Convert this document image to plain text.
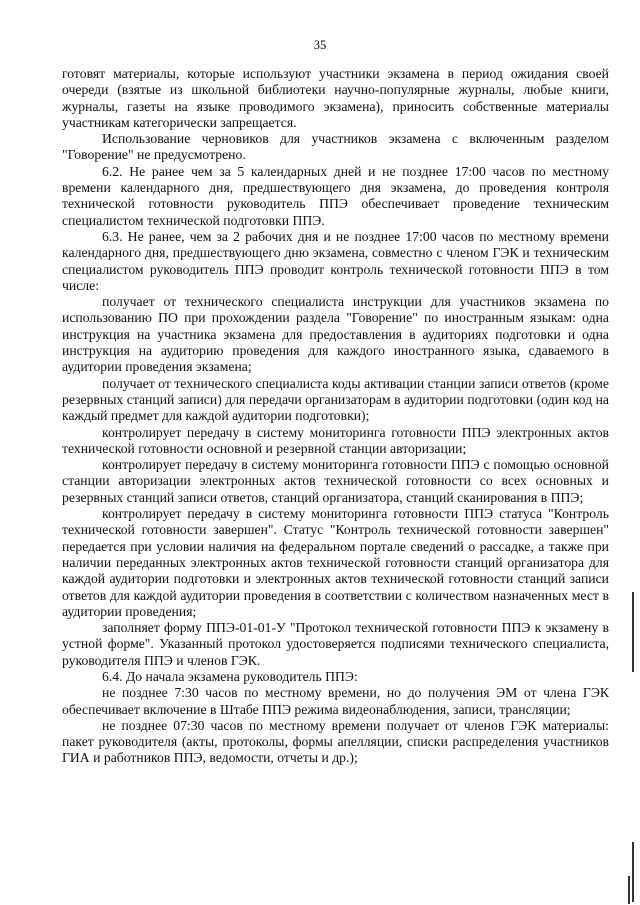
35

готовят материалы, которые используют участники экзамена в период ожидания своей очереди (взятые из школьной библиотеки научно-популярные журналы, любые книги, журналы, газеты на языке проводимого экзамена), приносить собственные материалы участникам категорически запрещается.

Использование черновиков для участников экзамена с включенным разделом "Говорение" не предусмотрено.

6.2. Не ранее чем за 5 календарных дней и не позднее 17:00 часов по местному времени календарного дня, предшествующего дня экзамена, до проведения контроля технической готовности руководитель ППЭ обеспечивает проведение техническим специалистом технической подготовки ППЭ.

6.3. Не ранее, чем за 2 рабочих дня и не позднее 17:00 часов по местному времени календарного дня, предшествующего дню экзамена, совместно с членом ГЭК и техническим специалистом руководитель ППЭ проводит контроль технической готовности ППЭ в том числе:

получает от технического специалиста инструкции для участников экзамена по использованию ПО при прохождении раздела "Говорение" по иностранным языкам: одна инструкция на участника экзамена для предоставления в аудиториях подготовки и одна инструкция на аудиторию проведения для каждого иностранного языка, сдаваемого в аудитории проведения экзамена;

получает от технического специалиста коды активации станции записи ответов (кроме резервных станций записи) для передачи организаторам в аудитории подготовки (один код на каждый предмет для каждой аудитории подготовки);

контролирует передачу в систему мониторинга готовности ППЭ электронных актов технической готовности основной и резервной станции авторизации;

контролирует передачу в систему мониторинга готовности ППЭ с помощью основной станции авторизации электронных актов технической готовности со всех основных и резервных станций записи ответов, станций организатора, станций сканирования в ППЭ;

контролирует передачу в систему мониторинга готовности ППЭ статуса "Контроль технической готовности завершен". Статус "Контроль технической готовности завершен" передается при условии наличия на федеральном портале сведений о рассадке, а также при наличии переданных электронных актов технической готовности станций организатора для каждой аудитории подготовки и электронных актов технической готовности станций записи ответов для каждой аудитории проведения в соответствии с количеством назначенных мест в аудитории проведения;

заполняет форму ППЭ-01-01-У "Протокол технической готовности ППЭ к экзамену в устной форме". Указанный протокол удостоверяется подписями технического специалиста, руководителя ППЭ и членов ГЭК.

6.4. До начала экзамена руководитель ППЭ:

не позднее 7:30 часов по местному времени, но до получения ЭМ от члена ГЭК обеспечивает включение в Штабе ППЭ режима видеонаблюдения, записи, трансляции;

не позднее 07:30 часов по местному времени получает от членов ГЭК материалы: пакет руководителя (акты, протоколы, формы апелляции, списки распределения участников ГИА и работников ППЭ, ведомости, отчеты и др.);
